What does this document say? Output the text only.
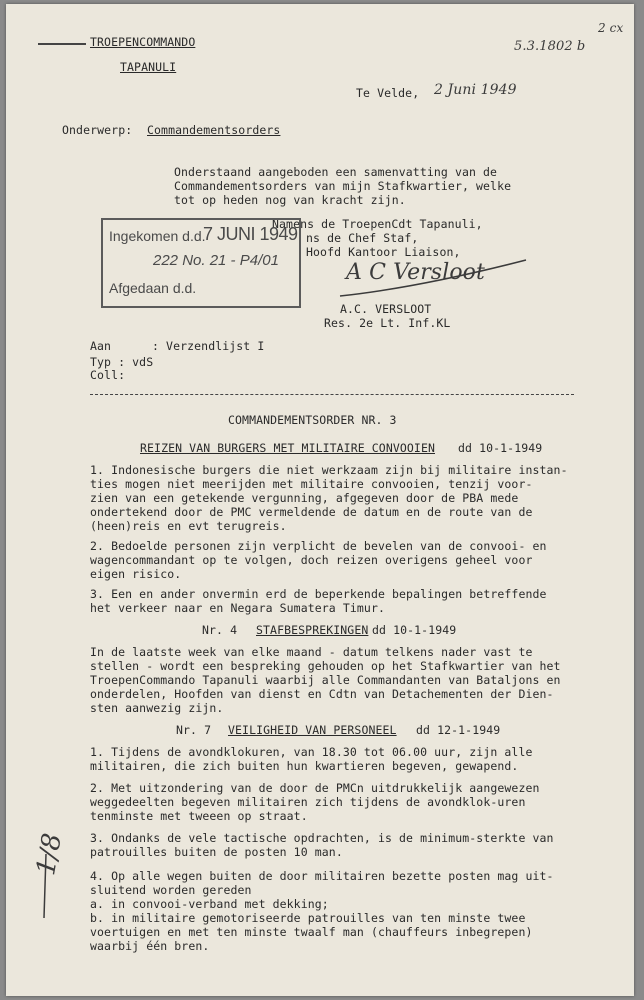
TROEPENCOMMANDO
TAPANULI
2 cx
5.3.1802 b
Te Velde, 2 Juni 1949
Onderwerp: Commandementsorders
Onderstaand aangeboden een samenvatting van de
Commandementsorders van mijn Stafkwartier, welke
tot op heden nog van kracht zijn.
Namens de TroepenCdt Tapanuli,
ns de Chef Staf,
Hoofd Kantoor Liaison,
A C Versloot
A.C. VERSLOOT
Res. 2e Lt. Inf.KL
Ingekomen d.d.
7 JUNI 1949
222 No. 21 - P4/01
Afgedaan d.d.
Aan	: Verzendlijst I
Typ : vdS
Coll:
COMMANDEMENTSORDER NR. 3
REIZEN VAN BURGERS MET MILITAIRE CONVOOIEN dd 10-1-1949
1. Indonesische burgers die niet werkzaam zijn bij militaire instan-
ties mogen niet meerijden met militaire convooien, tenzij voor-
zien van een getekende vergunning, afgegeven door de PBA mede
ondertekend door de PMC vermeldende de datum en de route van de
(heen)reis en evt terugreis.
2. Bedoelde personen zijn verplicht de bevelen van de convooi- en
wagencommandant op te volgen, doch reizen overigens geheel voor
eigen risico.
3. Een en ander onvermin erd de beperkende bepalingen betreffende
het verkeer naar en Negara Sumatera Timur.
Nr. 4 STAFBESPREKINGEN dd 10-1-1949
In de laatste week van elke maand - datum telkens nader vast te
stellen - wordt een bespreking gehouden op het Stafkwartier van het
TroepenCommando Tapanuli waarbij alle Commandanten van Bataljons en
onderdelen, Hoofden van dienst en Cdtn van Detachementen der Dien-
sten aanwezig zijn.
Nr. 7 VEILIGHEID VAN PERSONEEL dd 12-1-1949
1. Tijdens de avondklokuren, van 18.30 tot 06.00 uur, zijn alle
militairen, die zich buiten hun kwartieren begeven, gewapend.
2. Met uitzondering van de door de PMCn uitdrukkelijk aangewezen
weggedeelten begeven militairen zich tijdens de avondklok-uren
tenminste met tweeen op straat.
3. Ondanks de vele tactische opdrachten, is de minimum-sterkte van
patrouilles buiten de posten 10 man.
4. Op alle wegen buiten de door militairen bezette posten mag uit-
sluitend worden gereden
a. in convooi-verband met dekking;
b. in militaire gemotoriseerde patrouilles van ten minste twee
voertuigen en met ten minste twaalf man (chauffeurs inbegrepen)
waarbij één bren.
1/8
